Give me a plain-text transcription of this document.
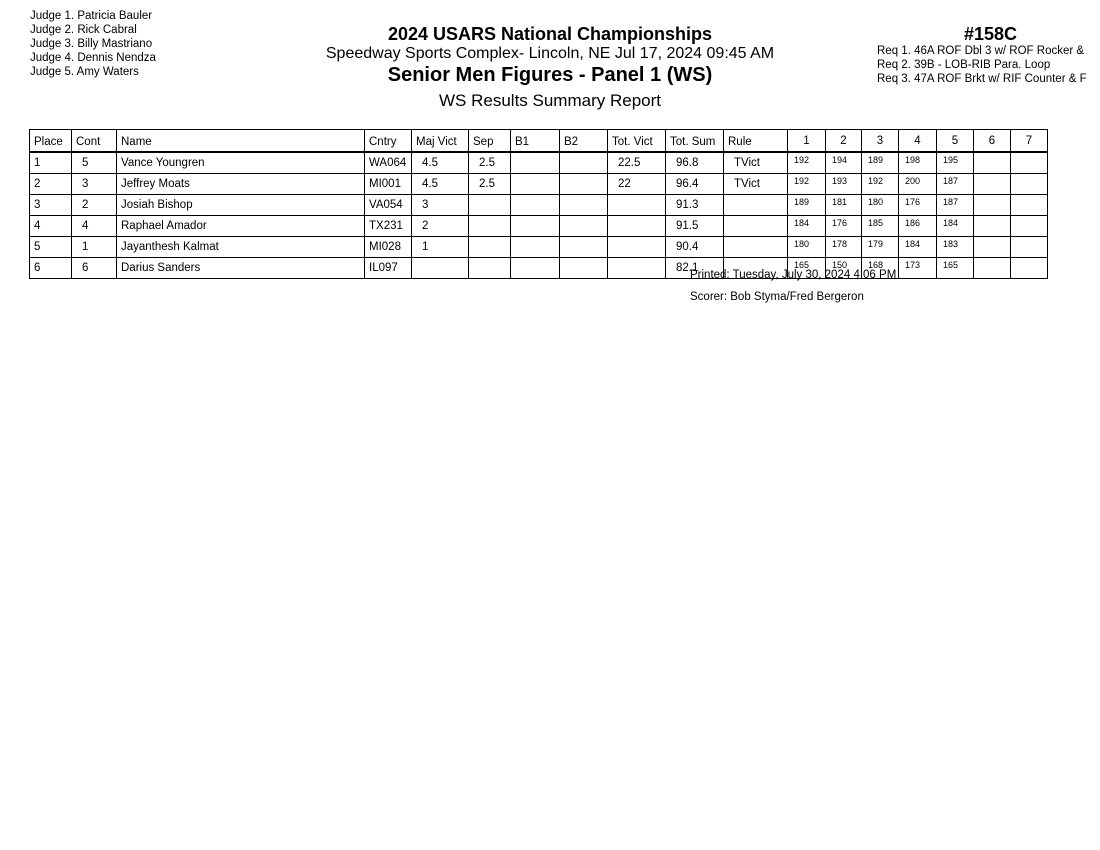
Judge 1. Patricia Bauler
Judge 2. Rick Cabral
Judge 3. Billy Mastriano
Judge 4. Dennis Nendza
Judge 5. Amy Waters
2024 USARS National Championships
Speedway Sports Complex- Lincoln, NE Jul 17, 2024 09:45 AM
Senior Men Figures - Panel 1 (WS)
WS Results Summary Report
#158C
Req 1. 46A ROF Dbl 3 w/ ROF Rocker &
Req 2. 39B - LOB-RIB Para. Loop
Req 3. 47A ROF Brkt w/ RIF Counter & F
Place	Cont	Name	Cntry	Maj Vict	Sep	B1	B2	Tot. Vict	Tot. Sum	Rule	1	2	3	4	5	6	7
1	5	Vance Youngren	WA064	4.5	2.5			22.5	96.8	TVict	192	194	189	198	195		
2	3	Jeffrey Moats	MI001	4.5	2.5			22	96.4	TVict	192	193	192	200	187		
3	2	Josiah Bishop	VA054	3					91.3		189	181	180	176	187		
4	4	Raphael Amador	TX231	2					91.5		184	176	185	186	184		
5	1	Jayanthesh Kalmat	MI028	1					90.4		180	178	179	184	183		
6	6	Darius Sanders	IL097						82.1		165	150	168	173	165		
Printed: Tuesday, July 30, 2024 4:06 PM
Scorer: Bob Styma/Fred Bergeron
